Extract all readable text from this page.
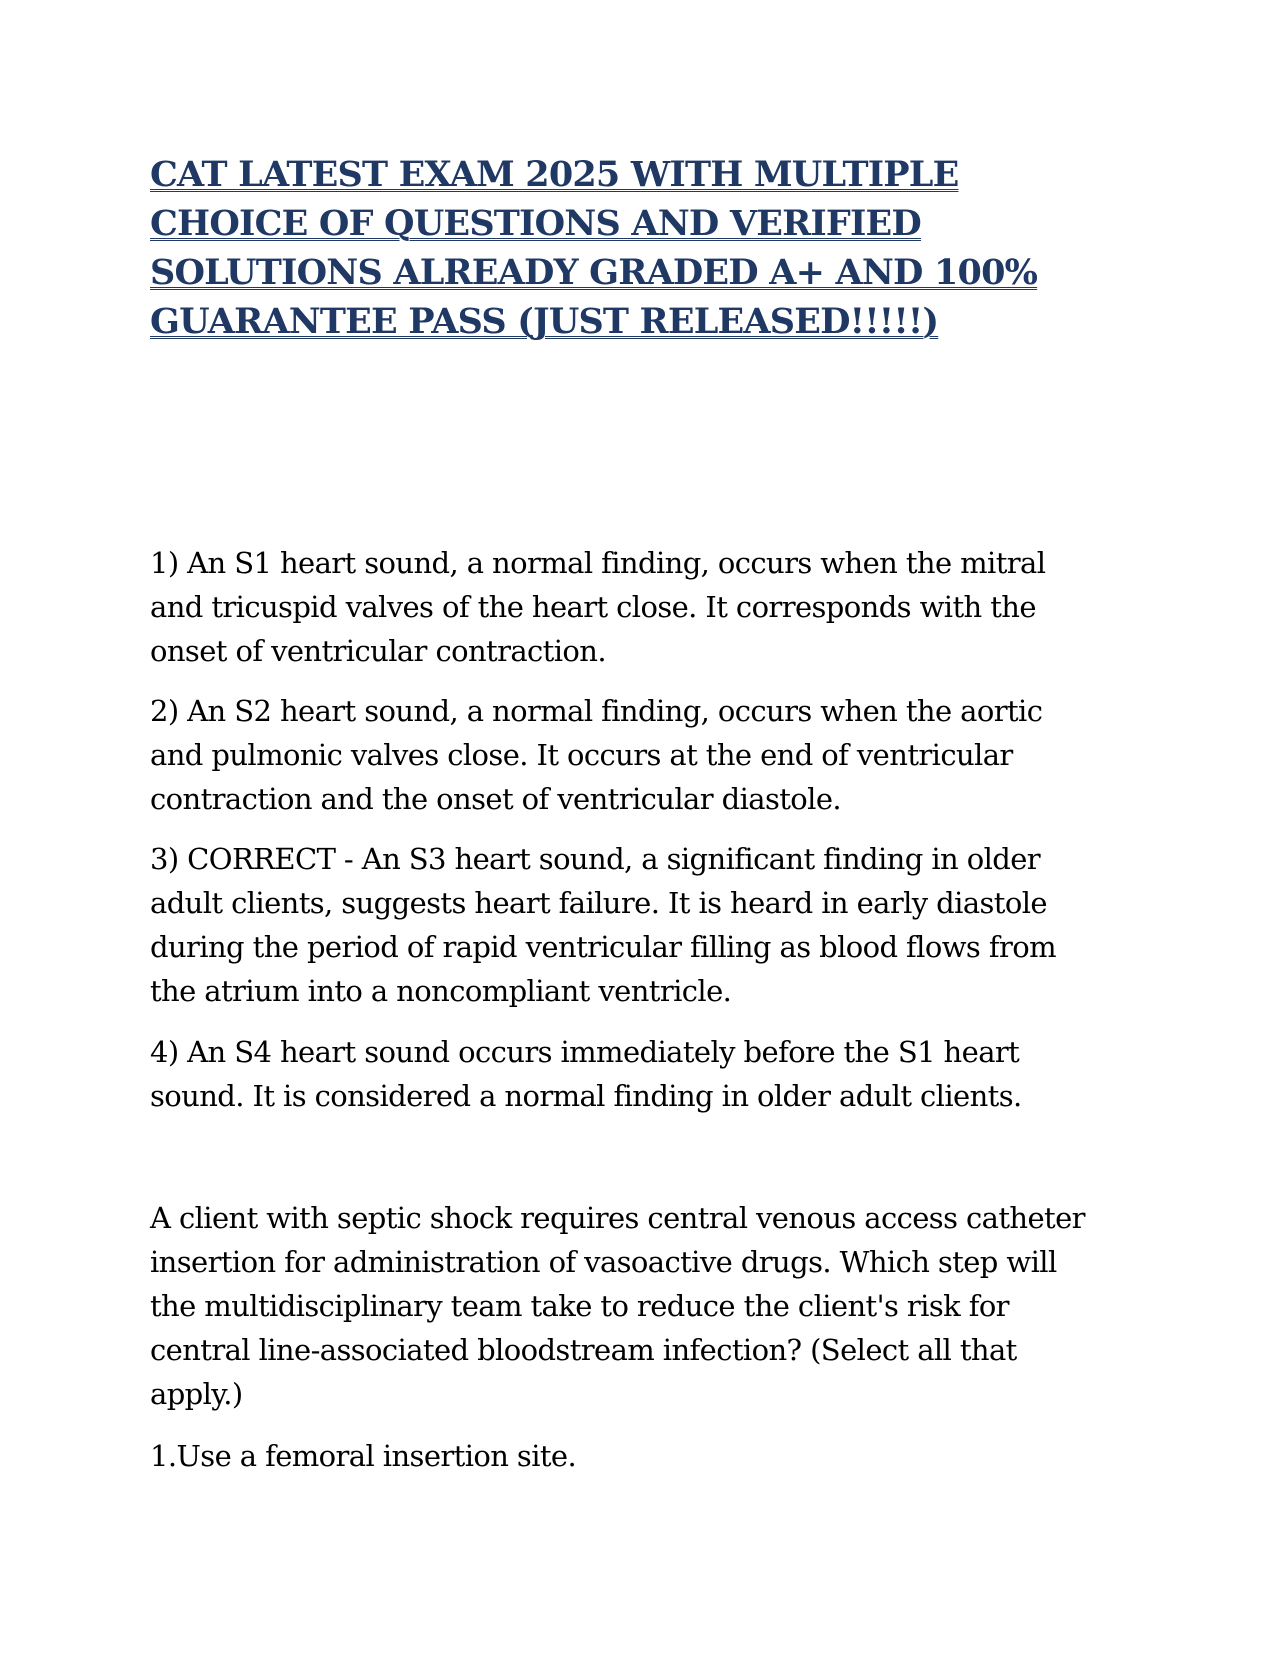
CAT LATEST EXAM 2025 WITH MULTIPLE
CHOICE OF QUESTIONS AND VERIFIED
SOLUTIONS ALREADY GRADED A+ AND 100%
GUARANTEE PASS (JUST RELEASED!!!!!)
1) An S1 heart sound, a normal finding, occurs when the mitral
and tricuspid valves of the heart close. It corresponds with the
onset of ventricular contraction.
2) An S2 heart sound, a normal finding, occurs when the aortic
and pulmonic valves close. It occurs at the end of ventricular
contraction and the onset of ventricular diastole.
3) CORRECT - An S3 heart sound, a significant finding in older
adult clients, suggests heart failure. It is heard in early diastole
during the period of rapid ventricular filling as blood flows from
the atrium into a noncompliant ventricle.
4) An S4 heart sound occurs immediately before the S1 heart
sound. It is considered a normal finding in older adult clients.
A client with septic shock requires central venous access catheter
insertion for administration of vasoactive drugs. Which step will
the multidisciplinary team take to reduce the client's risk for
central line-associated bloodstream infection? (Select all that
apply.)
1.Use a femoral insertion site.
